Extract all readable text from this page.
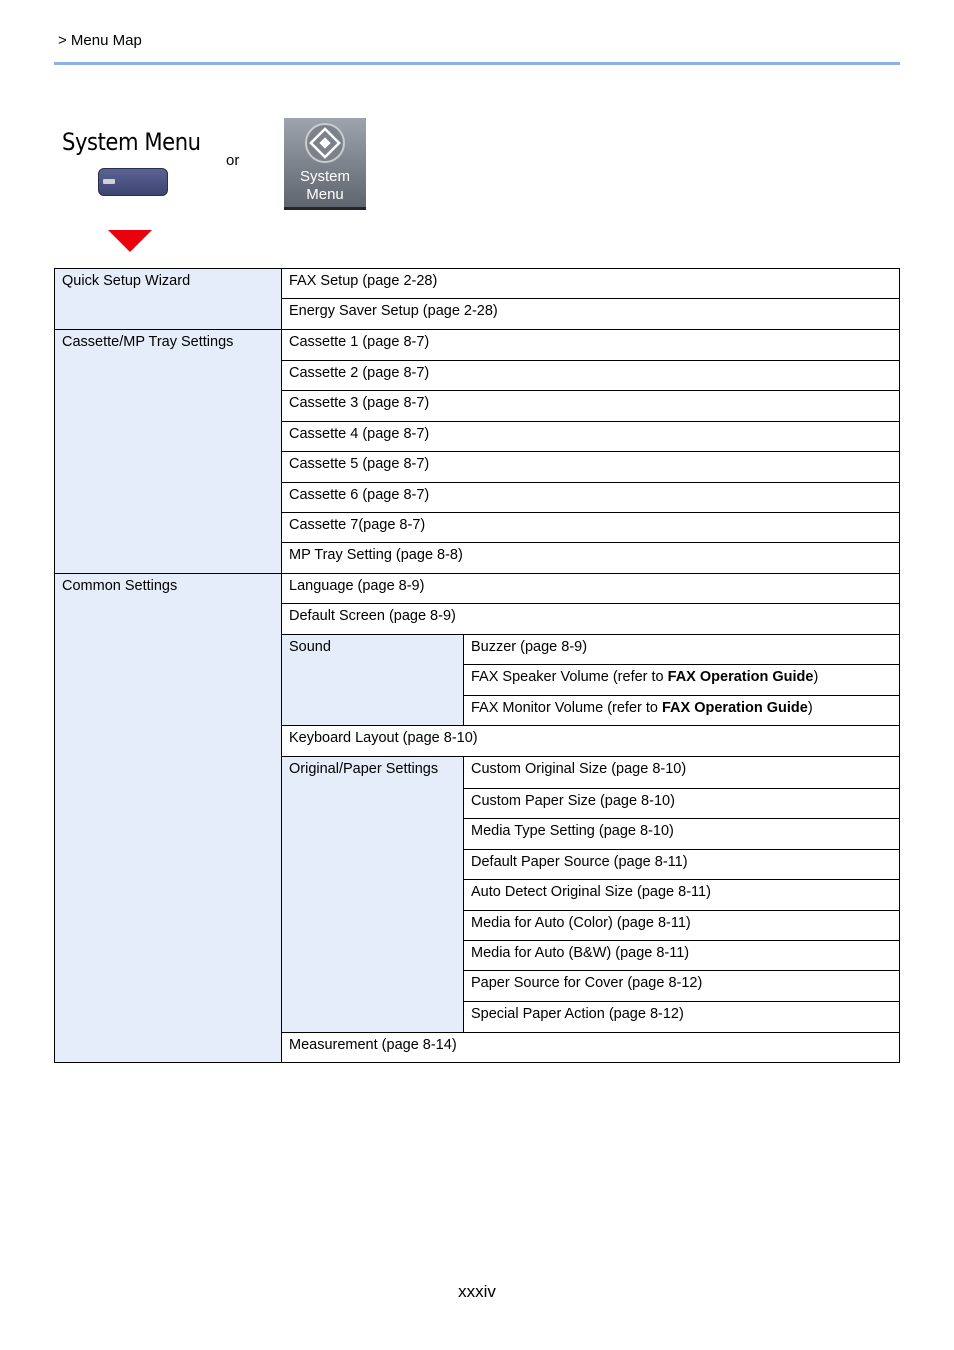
> Menu Map
System Menu
or
System
Menu
Quick Setup Wizard
Cassette/MP Tray Settings
Common Settings
FAX Setup (page 2-28)
Energy Saver Setup (page 2-28)
Cassette 1 (page 8-7)
Cassette 2 (page 8-7)
Cassette 3 (page 8-7)
Cassette 4 (page 8-7)
Cassette 5 (page 8-7)
Cassette 6 (page 8-7)
Cassette 7(page 8-7)
MP Tray Setting (page 8-8)
Language (page 8-9)
Default Screen (page 8-9)
Sound	Buzzer (page 8-9)
FAX Speaker Volume (refer to FAX Operation Guide)
FAX Monitor Volume (refer to FAX Operation Guide)
Keyboard Layout (page 8-10)
Original/Paper Settings	Custom Original Size (page 8-10)
Custom Paper Size (page 8-10)
Media Type Setting (page 8-10)
Default Paper Source (page 8-11)
Auto Detect Original Size (page 8-11)
Media for Auto (Color) (page 8-11)
Media for Auto (B&W) (page 8-11)
Paper Source for Cover (page 8-12)
Special Paper Action (page 8-12)
Measurement (page 8-14)
xxxiv
